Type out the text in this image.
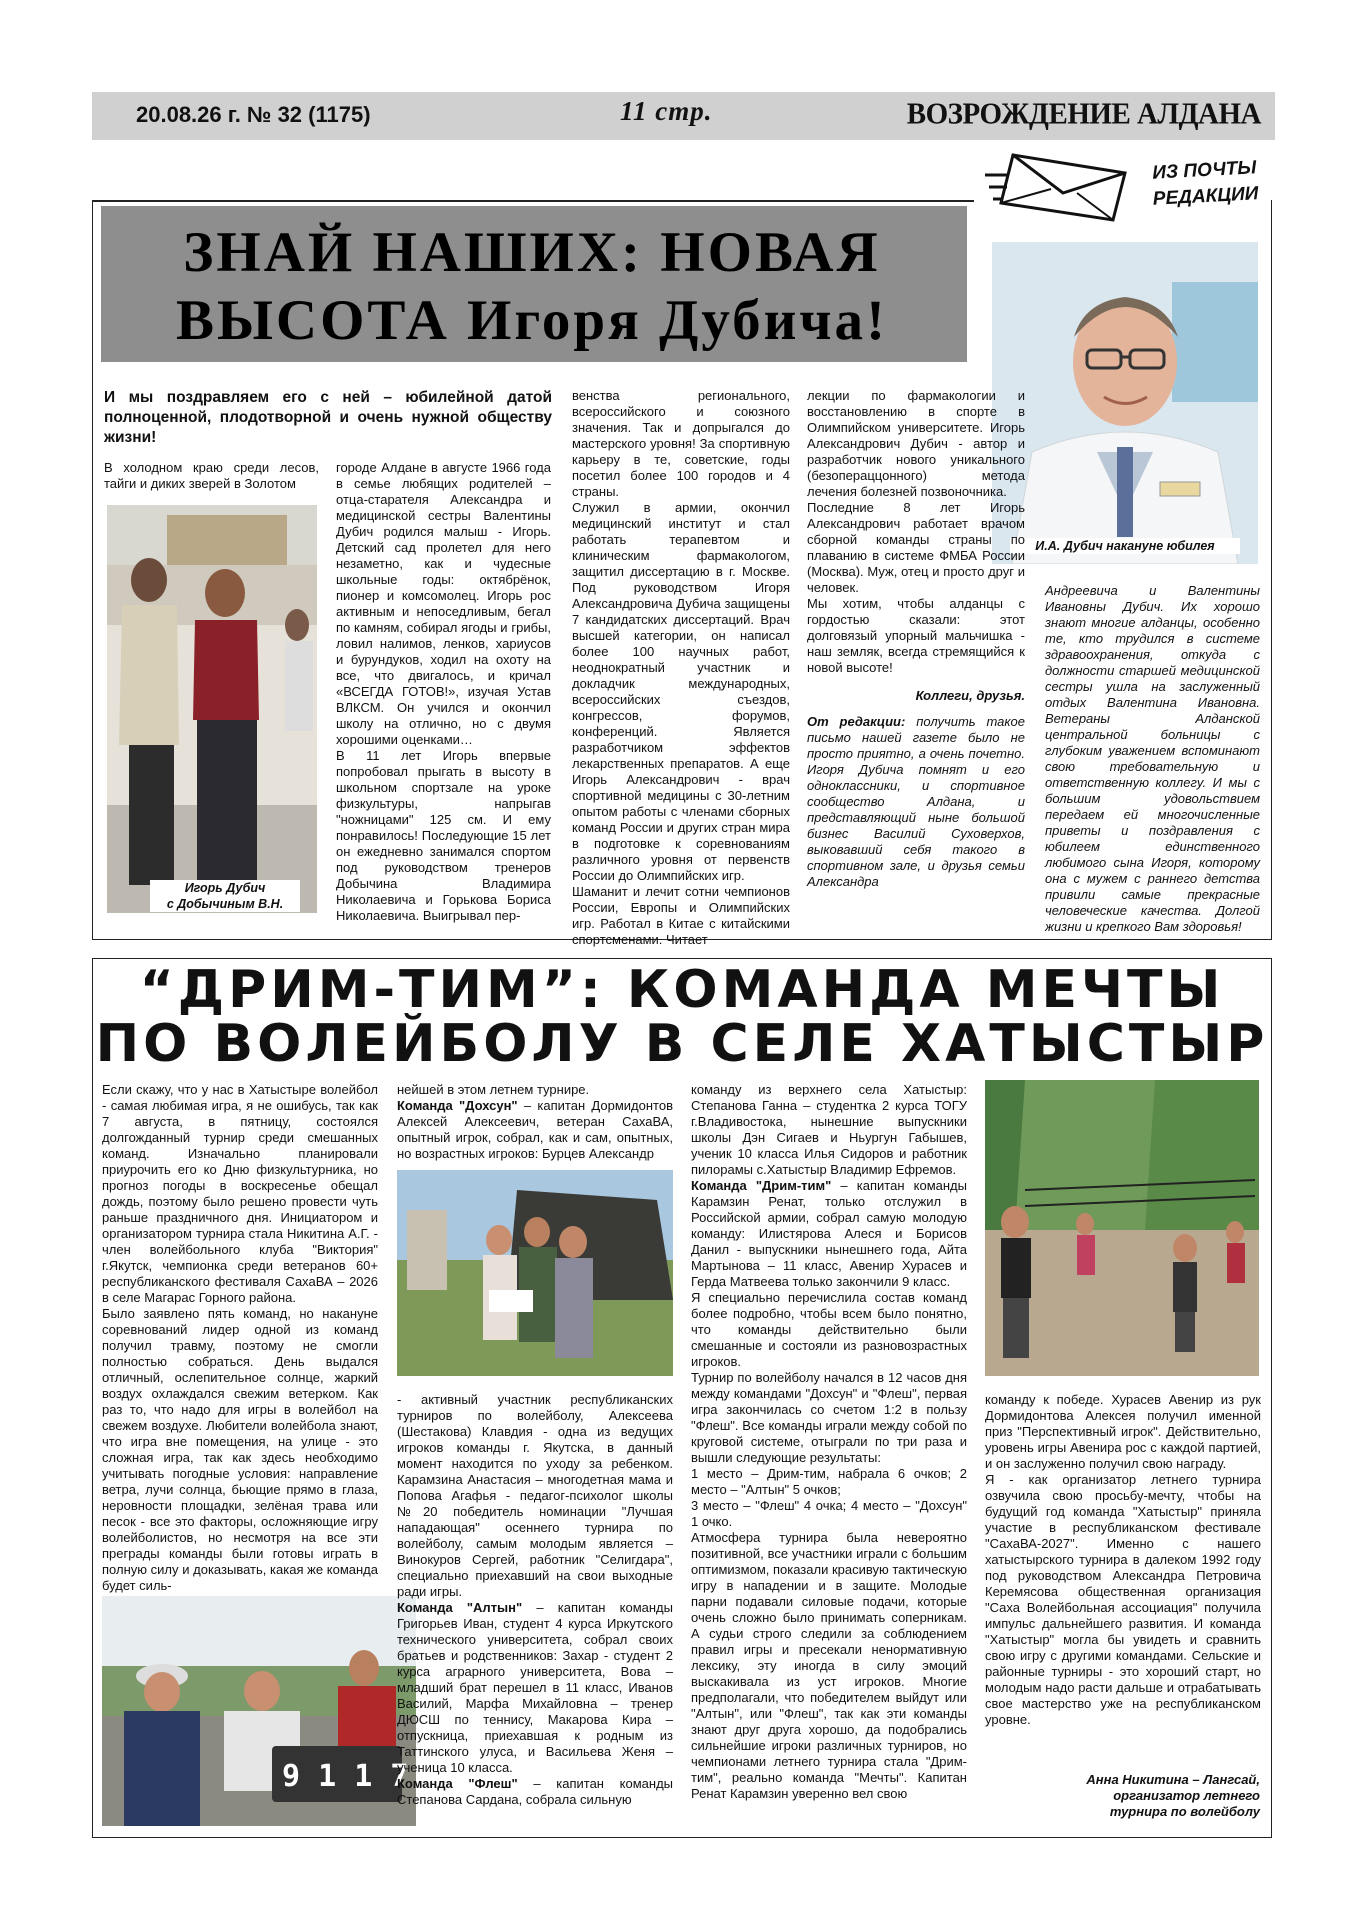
20.08.26 г. № 32 (1175)	11 стр.	ВОЗРОЖДЕНИЕ АЛДАНА
ИЗ ПОЧТЫ
РЕДАКЦИИ
ЗНАЙ НАШИХ: НОВАЯ
ВЫСОТА Игоря Дубича!
И.А. Дубич накануне юбилея
И мы поздравляем его с ней – юбилейной датой полноценной, плодотворной и очень нужной обществу жизни!
В холодном краю среди лесов, тайги и диких зверей в Золотом
Игорь Дубич
с Добычиным В.Н.

городе Алдане в августе 1966 года в семье любящих родителей – отца-старателя Александра и медицинской сестры Валентины Дубич родился малыш - Игорь. Детский сад пролетел для него незаметно, как и чудесные школьные годы: октябрёнок, пионер и комсомолец. Игорь рос активным и непоседливым, бегал по камням, собирал ягоды и грибы, ловил налимов, ленков, хариусов и бурундуков, ходил на охоту на все, что двигалось, и кричал «ВСЕГДА ГОТОВ!», изучая Устав ВЛКСМ. Он учился и окончил школу на отлично, но с двумя хорошими оценками…

В 11 лет Игорь впервые попробовал прыгать в высоту в школьном спортзале на уроке физкультуры, напрыгав "ножницами" 125 см. И ему понравилось! Последующие 15 лет он ежедневно занимался спортом под руководством тренеров Добычина Владимира Николаевича и Горькова Бориса Николаевича. Выигрывал пер-

венства регионального, всероссийского и союзного значения. Так и допрыгался до мастерского уровня! За спортивную карьеру в те, советские, годы посетил более 100 городов и 4 страны.

Служил в армии, окончил медицинский институт и стал работать терапевтом и клиническим фармакологом, защитил диссертацию в г. Москве. Под руководством Игоря Александровича Дубича защищены 7 кандидатских диссертаций. Врач высшей категории, он написал более 100 научных работ, неоднократный участник и докладчик международных, всероссийских съездов, конгрессов, форумов, конференций. Является разработчиком эффектов лекарственных препаратов. А еще Игорь Александрович - врач спортивной медицины с 30-летним опытом работы с членами сборных команд России и других стран мира в подготовке к соревнованиям различного уровня от первенств России до Олимпийских игр.

Шаманит и лечит сотни чемпионов России, Европы и Олимпийских игр. Работал в Китае с китайскими спортсменами. Читает

лекции по фармакологии и восстановлению в спорте в Олимпийском университете. Игорь Александрович Дубич - автор и разработчик нового уникального (безопераццонного) метода лечения болезней позвоночника.

Последние 8 лет Игорь Александрович работает врачом сборной команды страны по плаванию в системе ФМБА России (Москва). Муж, отец и просто друг и человек.

Мы хотим, чтобы алданцы с гордостью сказали: этот долговязый упорный мальчишка - наш земляк, всегда стремящийся к новой высоте!

Коллеги, друзья.

От редакции: получить такое письмо нашей газете было не просто приятно, а очень почетно. Игоря Дубича помнят и его одноклассники, и спортивное сообщество Алдана, и представляющий ныне большой бизнес Василий Суховерхов, выковавший себя такого в спортивном зале, и друзья семьи Александра

Андреевича и Валентины Ивановны Дубич. Их хорошо знают многие алданцы, особенно те, кто трудился в системе здравоохранения, откуда с должности старшей медицинской сестры ушла на заслуженный отдых Валентина Ивановна. Ветераны Алданской центральной больницы с глубоким уважением вспоминают свою требовательную и ответственную коллегу. И мы с большим удовольствием передаем ей многочисленные приветы и поздравления с юбилеем единственного любимого сына Игоря, которому она с мужем с раннего детства привили самые прекрасные человеческие качества. Долгой жизни и крепкого Вам здоровья!
“ДРИМ-ТИМ”: КОМАНДА МЕЧТЫ
ПО ВОЛЕЙБОЛУ В СЕЛЕ ХАТЫСТЫР

Если скажу, что у нас в Хатыстыре волейбол - самая любимая игра, я не ошибусь, так как 7 августа, в пятницу, состоялся долгожданный турнир среди смешанных команд. Изначально планировали приурочить его ко Дню физкультурника, но прогноз погоды в воскресенье обещал дождь, поэтому было решено провести чуть раньше праздничного дня. Инициатором и организатором турнира стала Никитина А.Г. - член волейбольного клуба "Виктория" г.Якутск, чемпионка среди ветеранов 60+ республиканского фестиваля СахаВА – 2026 в селе Магарас Горного района.

Было заявлено пять команд, но накануне соревнований лидер одной из команд получил травму, поэтому не смогли полностью собраться. День выдался отличный, ослепительное солнце, жаркий воздух охлаждался свежим ветерком. Как раз то, что надо для игры в волейбол на свежем воздухе. Любители волейбола знают, что игра вне помещения, на улице - это сложная игра, так как здесь необходимо учитывать погодные условия: направление ветра, лучи солнца, бьющие прямо в глаза, неровности площадки, зелёная трава или песок - все это факторы, осложняющие игру волейболистов, но несмотря на все эти преграды команды были готовы играть в полную силу и доказывать, какая же команда будет силь-

9 1 1 7

нейшей в этом летнем турнире.

Команда "Дохсун" – капитан Дормидонтов Алексей Алексеевич, ветеран СахаВА, опытный игрок, собрал, как и сам, опытных, но возрастных игроков: Бурцев Александр

- активный участник республиканских турниров по волейболу, Алексеева (Шестакова) Клавдия - одна из ведущих игроков команды г. Якутска, в данный момент находится по уходу за ребенком. Карамзина Анастасия – многодетная мама и Попова Агафья - педагог-психолог школы №20 победитель номинации "Лучшая нападающая" осеннего турнира по волейболу, самым молодым является – Винокуров Сергей, работник "Селигдара", специально приехавший на свои выходные ради игры.

Команда "Алтын" – капитан команды Григорьев Иван, студент 4 курса Иркутского технического университета, собрал своих братьев и родственников: Захар - студент 2 курса аграрного университета, Вова – младший брат перешел в 11 класс, Иванов Василий, Марфа Михайловна – тренер ДЮСШ по теннису, Макарова Кира – отпускница, приехавшая к родным из Таттинского улуса, и Васильева Женя – ученица 10 класса.

Команда "Флеш" – капитан команды Степанова Сардана, собрала сильную

команду из верхнего села Хатыстыр: Степанова Ганна – студентка 2 курса ТОГУ г.Владивостока, нынешние выпускники школы Дэн Сигаев и Ньургун Габышев, ученик 10 класса Илья Сидоров и работник пилорамы с.Хатыстыр Владимир Ефремов.

Команда "Дрим-тим" – капитан команды Карамзин Ренат, только отслужил в Российской армии, собрал самую молодую команду: Илистярова Алеся и Борисов Данил - выпускники нынешнего года, Айта Мартынова – 11 класс, Авенир Хурасев и Герда Матвеева только закончили 9 класс.

Я специально перечислила состав команд более подробно, чтобы всем было понятно, что команды действительно были смешанные и состояли из разновозрастных игроков.

Турнир по волейболу начался в 12 часов дня между командами "Дохсун" и "Флеш", первая игра закончилась со счетом 1:2 в пользу "Флеш". Все команды играли между собой по круговой системе, отыграли по три раза и вышли следующие результаты:

1 место – Дрим-тим, набрала 6 очков; 2 место – "Алтын" 5 очков;

3 место – "Флеш" 4 очка; 4 место – "Дохсун" 1 очко.

Атмосфера турнира была невероятно позитивной, все участники играли с большим оптимизмом, показали красивую тактическую игру в нападении и в защите. Молодые парни подавали силовые подачи, которые очень сложно было принимать соперникам. А судьи строго следили за соблюдением правил игры и пресекали ненормативную лексику, эту иногда в силу эмоций выскакивала из уст игроков. Многие предполагали, что победителем выйдут или "Алтын", или "Флеш", так как эти команды знают друг друга хорошо, да подобрались сильнейшие игроки различных турниров, но чемпионами летнего турнира стала "Дрим-тим", реально команда "Мечты". Капитан Ренат Карамзин уверенно вел свою

команду к победе. Хурасев Авенир из рук Дормидонтова Алексея получил именной приз "Перспективный игрок". Действительно, уровень игры Авенира рос с каждой партией, и он заслуженно получил свою награду.

Я - как организатор летнего турнира озвучила свою просьбу-мечту, чтобы на будущий год команда "Хатыстыр" приняла участие в республиканском фестивале "СахаВА-2027". Именно с нашего хатыстырского турнира в далеком 1992 году под руководством Александра Петровича Керемясова общественная организация "Саха Волейбольная ассоциация" получила импульс дальнейшего развития. И команда "Хатыстыр" могла бы увидеть и сравнить свою игру с другими командами. Сельские и районные турниры - это хороший старт, но молодым надо расти дальше и отрабатывать свое мастерство уже на республиканском уровне.

Анна Никитина – Лангсай,
организатор летнего
турнира по волейболу
